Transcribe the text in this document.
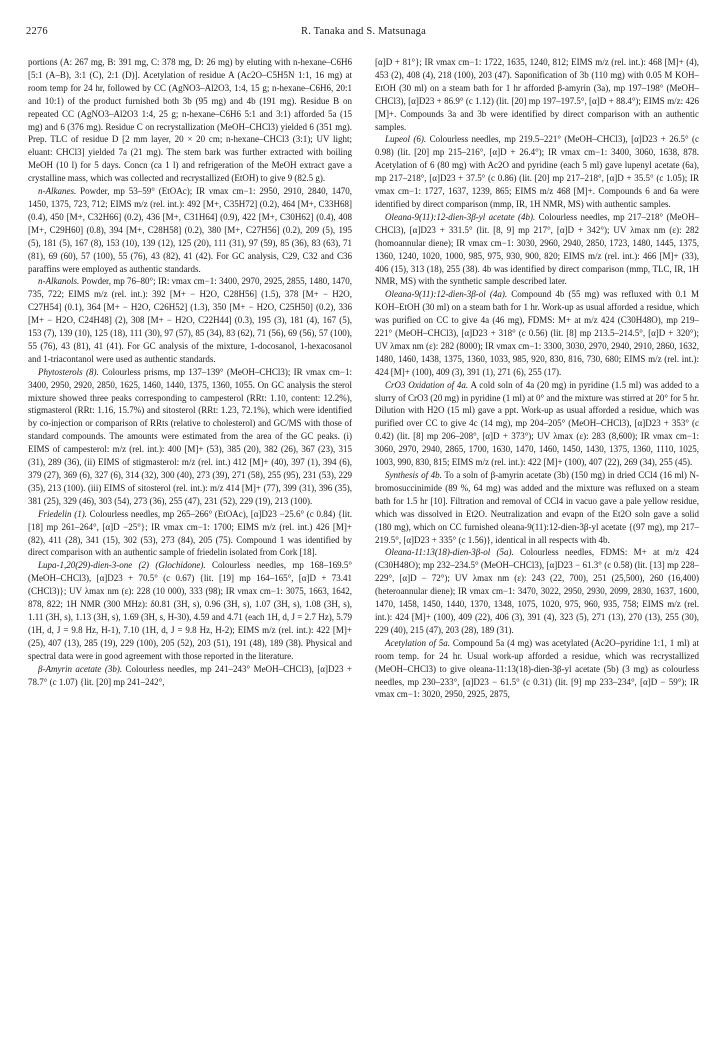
2276	R. Tanaka and S. Matsunaga

portions (A: 267 mg, B: 391 mg, C: 378 mg, D: 26 mg) by eluting with n-hexane–C6H6 [5:1 (A–B), 3:1 (C), 2:1 (D)]. Acetylation of residue A (Ac2O–C5H5N 1:1, 16 mg) at room temp for 24 hr, followed by CC (AgNO3–Al2O3, 1:4, 15 g; n-hexane–C6H6, 20:1 and 10:1) of the product furnished both 3b (95 mg) and 4b (191 mg). Residue B on repeated CC (AgNO3–Al2O3 1:4, 25 g; n-hexane–C6H6 5:1 and 3:1) afforded 5a (15 mg) and 6 (376 mg). Residue C on recrystallization (MeOH–CHCl3) yielded 6 (351 mg). Prep. TLC of residue D [2 mm layer, 20 × 20 cm; n-hexane–CHCl3 (3:1); UV light; eluant: CHCl3] yielded 7a (21 mg). The stem bark was further extracted with boiling MeOH (10 l) for 5 days. Concn (ca 1 l) and refrigeration of the MeOH extract gave a crystalline mass, which was collected and recrystallized (EtOH) to give 9 (82.5 g).

n-Alkanes. Powder, mp 53–59° (EtOAc); IR νmax cm−1: 2950, 2910, 2840, 1470, 1450, 1375, 723, 712; EIMS m/z (rel. int.): 492 [M+, C35H72] (0.2), 464 [M+, C33H68] (0.4), 450 [M+, C32H66] (0.2), 436 [M+, C31H64] (0.9), 422 [M+, C30H62] (0.4), 408 [M+, C29H60] (0.8), 394 [M+, C28H58] (0.2), 380 [M+, C27H56] (0.2), 209 (5), 195 (5), 181 (5), 167 (8), 153 (10), 139 (12), 125 (20), 111 (31), 97 (59), 85 (36), 83 (63), 71 (81), 69 (60), 57 (100), 55 (76), 43 (82), 41 (42). For GC analysis, C29, C32 and C36 paraffins were employed as authentic standards.

n-Alkanols. Powder, mp 76–80°; IR: νmax cm−1: 3400, 2970, 2925, 2855, 1480, 1470, 735, 722; EIMS m/z (rel. int.): 392 [M+ − H2O, C28H56] (1.5), 378 [M+ − H2O, C27H54] (0.1), 364 [M+ − H2O, C26H52] (1.3), 350 [M+ − H2O, C25H50] (0.2), 336 [M+ − H2O, C24H48] (2), 308 [M+ − H2O, C22H44] (0.3), 195 (3), 181 (4), 167 (5), 153 (7), 139 (10), 125 (18), 111 (30), 97 (57), 85 (34), 83 (62), 71 (56), 69 (56), 57 (100), 55 (76), 43 (81), 41 (41). For GC analysis of the mixture, 1-docosanol, 1-hexacosanol and 1-triacontanol were used as authentic standards.

Phytosterols (8). Colourless prisms, mp 137–139° (MeOH–CHCl3); IR νmax cm−1: 3400, 2950, 2920, 2850, 1625, 1460, 1440, 1375, 1360, 1055. On GC analysis the sterol mixture showed three peaks corresponding to campesterol (RRt: 1.10, content: 12.2%), stigmasterol (RRt: 1.16, 15.7%) and sitosterol (RRt: 1.23, 72.1%), which were identified by co-injection or comparison of RRts (relative to cholesterol) and GC/MS with those of standard compounds. The amounts were estimated from the area of the GC peaks. (i) EIMS of campesterol: m/z (rel. int.): 400 [M]+ (53), 385 (20), 382 (26), 367 (23), 315 (31), 289 (36), (ii) EIMS of stigmasterol: m/z (rel. int.) 412 [M]+ (40), 397 (1), 394 (6), 379 (27), 369 (6), 327 (6), 314 (32), 300 (40), 273 (39), 271 (58), 255 (95), 231 (53), 229 (35), 213 (100). (iii) EIMS of sitosterol (rel. int.): m/z 414 [M]+ (77), 399 (31), 396 (35), 381 (25), 329 (46), 303 (54), 273 (36), 255 (47), 231 (52), 229 (19), 213 (100).

Friedelin (1). Colourless needles, mp 265–266° (EtOAc), [α]D23 −25.6° (c 0.84) {lit. [18] mp 261–264°, [α]D −25°}; IR νmax cm−1: 1700; EIMS m/z (rel. int.) 426 [M]+ (82), 411 (28), 341 (15), 302 (53), 273 (84), 205 (75). Compound 1 was identified by direct comparison with an authentic sample of friedelin isolated from Cork [18].

Lupa-1,20(29)-dien-3-one (2) (Glochidone). Colourless needles, mp 168–169.5° (MeOH–CHCl3), [α]D23 + 70.5° (c 0.67) {lit. [19] mp 164–165°, [α]D + 73.41 (CHCl3)}; UV λmax nm (ε): 228 (10 000), 333 (98); IR νmax cm−1: 3075, 1663, 1642, 878, 822; 1H NMR (300 MHz): δ0.81 (3H, s), 0.96 (3H, s), 1.07 (3H, s), 1.08 (3H, s), 1.11 (3H, s), 1.13 (3H, s), 1.69 (3H, s, H-30), 4.59 and 4.71 (each 1H, d, J = 2.7 Hz), 5.79 (1H, d, J = 9.8 Hz, H-1), 7.10 (1H, d, J = 9.8 Hz, H-2); EIMS m/z (rel. int.): 422 [M]+ (25), 407 (13), 285 (19), 229 (100), 205 (52), 203 (51), 191 (48), 189 (38). Physical and spectral data were in good agreement with those reported in the literature.

β-Amyrin acetate (3b). Colourless needles, mp 241–243° MeOH–CHCl3), [α]D23 + 78.7° (c 1.07) {lit. [20] mp 241–242°,

[α]D + 81°}; IR νmax cm−1: 1722, 1635, 1240, 812; EIMS m/z (rel. int.): 468 [M]+ (4), 453 (2), 408 (4), 218 (100), 203 (47). Saponification of 3b (110 mg) with 0.05 M KOH–EtOH (30 ml) on a steam bath for 1 hr afforded β-amyrin (3a), mp 197–198° (MeOH–CHCl3), [α]D23 + 86.9° (c 1.12) (lit. [20] mp 197–197.5°, [α]D + 88.4°); EIMS m/z: 426 [M]+. Compounds 3a and 3b were identified by direct comparison with an authentic samples.

Lupeol (6). Colourless needles, mp 219.5–221° (MeOH–CHCl3), [α]D23 + 26.5° (c 0.98) (lit. [20] mp 215–216°, [α]D + 26.4°); IR νmax cm−1: 3400, 3060, 1638, 878. Acetylation of 6 (80 mg) with Ac2O and pyridine (each 5 ml) gave lupenyl acetate (6a), mp 217–218°, [α]D23 + 37.5° (c 0.86) (lit. [20] mp 217–218°, [α]D + 35.5° (c 1.05); IR νmax cm−1: 1727, 1637, 1239, 865; EIMS m/z 468 [M]+. Compounds 6 and 6a were identified by direct comparison (mmp, IR, 1H NMR, MS) with authentic samples.

Oleana-9(11):12-dien-3β-yl acetate (4b). Colourless needles, mp 217–218° (MeOH–CHCl3), [α]D23 + 331.5° (lit. [8, 9] mp 217°, [α]D + 342°); UV λmax nm (ε): 282 (homoannular diene); IR νmax cm−1: 3030, 2960, 2940, 2850, 1723, 1480, 1445, 1375, 1360, 1240, 1020, 1000, 985, 975, 930, 900, 820; EIMS m/z (rel. int.): 466 [M]+ (33), 406 (15), 313 (18), 255 (38). 4b was identified by direct comparison (mmp, TLC, IR, 1H NMR, MS) with the synthetic sample described later.

Oleana-9(11):12-dien-3β-ol (4a). Compound 4b (55 mg) was refluxed with 0.1 M KOH–EtOH (30 ml) on a steam bath for 1 hr. Work-up as usual afforded a residue, which was purified on CC to give 4a (46 mg), FDMS: M+ at m/z 424 (C30H48O), mp 219–221° (MeOH–CHCl3), [α]D23 + 318° (c 0.56) (lit. [8] mp 213.5–214.5°, [α]D + 320°); UV λmax nm (ε): 282 (8000); IR νmax cm−1: 3300, 3030, 2970, 2940, 2910, 2860, 1632, 1480, 1460, 1438, 1375, 1360, 1033, 985, 920, 830, 816, 730, 680; EIMS m/z (rel. int.): 424 [M]+ (100), 409 (3), 391 (1), 271 (6), 255 (17).

CrO3 Oxidation of 4a. A cold soln of 4a (20 mg) in pyridine (1.5 ml) was added to a slurry of CrO3 (20 mg) in pyridine (1 ml) at 0° and the mixture was stirred at 20° for 5 hr. Dilution with H2O (15 ml) gave a ppt. Work-up as usual afforded a residue, which was purified over CC to give 4c (14 mg), mp 204–205° (MeOH–CHCl3), [α]D23 + 353° (c 0.42) (lit. [8] mp 206–208°, [α]D + 373°); UV λmax (ε): 283 (8,600); IR νmax cm−1: 3060, 2970, 2940, 2865, 1700, 1630, 1470, 1460, 1450, 1430, 1375, 1360, 1110, 1025, 1003, 990, 830, 815; EIMS m/z (rel. int.): 422 [M]+ (100), 407 (22), 269 (34), 255 (45).

Synthesis of 4b. To a soln of β-amyrin acetate (3b) (150 mg) in dried CCl4 (16 ml) N-bromosuccinimide (89 %, 64 mg) was added and the mixture was refluxed on a steam bath for 1.5 hr [10]. Filtration and removal of CCl4 in vacuo gave a pale yellow residue, which was dissolved in Et2O. Neutralization and evapn of the Et2O soln gave a solid (180 mg), which on CC furnished oleana-9(11):12-dien-3β-yl acetate {(97 mg), mp 217–219.5°, [α]D23 + 335° (c 1.56)}, identical in all respects with 4b.

Oleana-11:13(18)-dien-3β-ol (5a). Colourless needles, FDMS: M+ at m/z 424 (C30H48O); mp 232–234.5° (MeOH–CHCl3), [α]D23 − 61.3° (c 0.58) (lit. [13] mp 228–229°, [α]D − 72°); UV λmax nm (ε): 243 (22, 700), 251 (25,500), 260 (16,400) (heteroannular diene); IR νmax cm−1: 3470, 3022, 2950, 2930, 2099, 2830, 1637, 1600, 1470, 1458, 1450, 1440, 1370, 1348, 1075, 1020, 975, 960, 935, 758; EIMS m/z (rel. int.): 424 [M]+ (100), 409 (22), 406 (3), 391 (4), 323 (5), 271 (13), 270 (13), 255 (30), 229 (40), 215 (47), 203 (28), 189 (31).

Acetylation of 5a. Compound 5a (4 mg) was acetylated (Ac2O–pyridine 1:1, 1 ml) at room temp. for 24 hr. Usual work-up afforded a residue, which was recrystallized (MeOH–CHCl3) to give oleana-11:13(18)-dien-3β-yl acetate (5b) (3 mg) as colourless needles, mp 230–233°, [α]D23 − 61.5° (c 0.31) (lit. [9] mp 233–234°, [α]D − 59°); IR νmax cm−1: 3020, 2950, 2925, 2875,
